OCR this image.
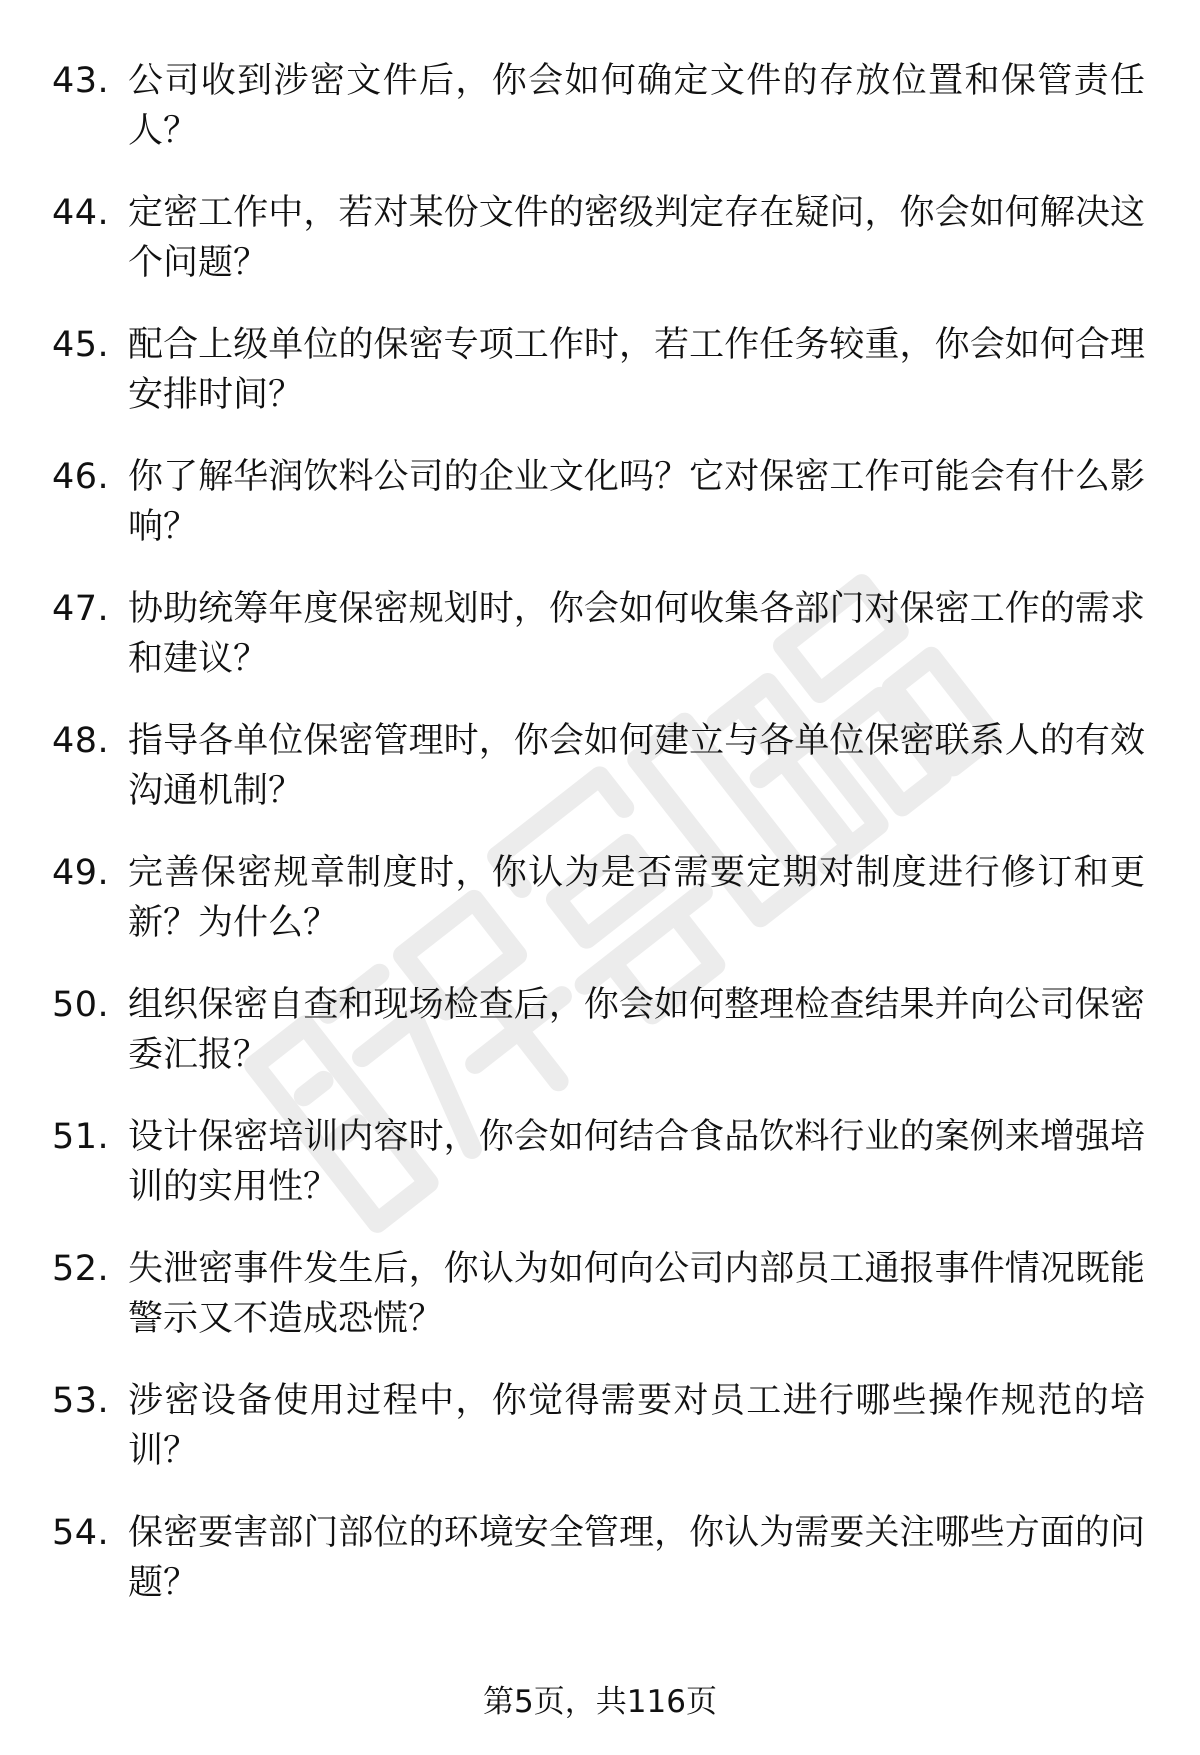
43. 公司收到涉密文件后，你会如何确定文件的存放位置和保管责任人？
44. 定密工作中，若对某份文件的密级判定存在疑问，你会如何解决这个问题？
45. 配合上级单位的保密专项工作时，若工作任务较重，你会如何合理安排时间？
46. 你了解华润饮料公司的企业文化吗？它对保密工作可能会有什么影响？
47. 协助统筹年度保密规划时，你会如何收集各部门对保密工作的需求和建议？
48. 指导各单位保密管理时，你会如何建立与各单位保密联系人的有效沟通机制？
49. 完善保密规章制度时，你认为是否需要定期对制度进行修订和更新？为什么？
50. 组织保密自查和现场检查后，你会如何整理检查结果并向公司保密委汇报？
51. 设计保密培训内容时，你会如何结合食品饮料行业的案例来增强培训的实用性？
52. 失泄密事件发生后，你认为如何向公司内部员工通报事件情况既能警示又不造成恐慌？
53. 涉密设备使用过程中，你觉得需要对员工进行哪些操作规范的培训？
54. 保密要害部门部位的环境安全管理，你认为需要关注哪些方面的问题？
第5页，共116页
